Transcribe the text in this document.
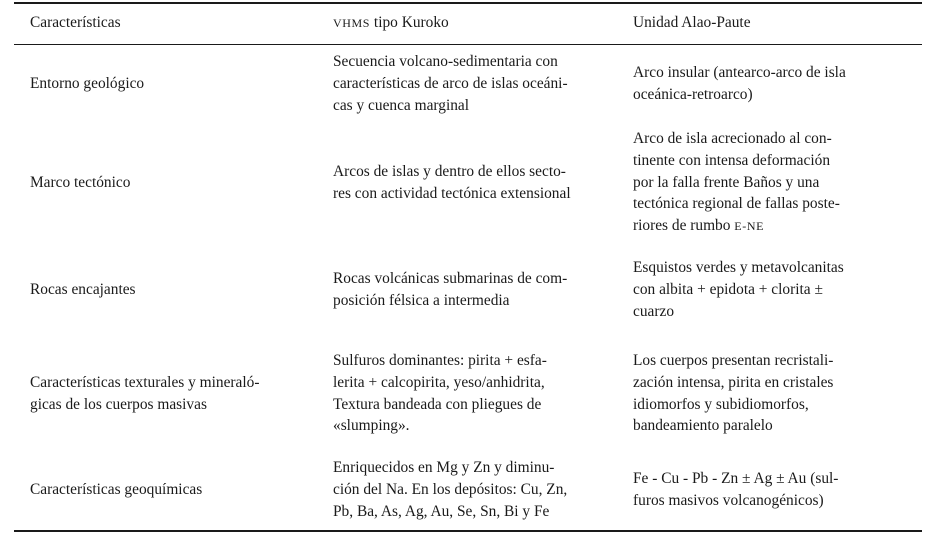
Características	VHMS tipo Kuroko	Unidad Alao-Paute
Entorno geológico
Secuencia volcano-sedimentaria con
características de arco de islas oceáni-
cas y cuenca marginal
Arco insular (antearco-arco de isla
oceánica-retroarco)
Marco tectónico
Arcos de islas y dentro de ellos secto-
res con actividad tectónica extensional
Arco de isla acrecionado al con-
tinente con intensa deformación
por la falla frente Baños y una
tectónica regional de fallas poste-
riores de rumbo E-NE
Rocas encajantes
Rocas volcánicas submarinas de com-
posición félsica a intermedia
Esquistos verdes y metavolcanitas
con albita + epidota + clorita ±
cuarzo
Características texturales y mineraló-
gicas de los cuerpos masivas
Sulfuros dominantes: pirita + esfa-
lerita + calcopirita, yeso/anhidrita,
Textura bandeada con pliegues de
«slumping».
Los cuerpos presentan recristali-
zación intensa, pirita en cristales
idiomorfos y subidiomorfos,
bandeamiento paralelo
Características geoquímicas
Enriquecidos en Mg y Zn y diminu-
ción del Na. En los depósitos: Cu, Zn,
Pb, Ba, As, Ag, Au, Se, Sn, Bi y Fe
Fe - Cu - Pb - Zn ± Ag ± Au (sul-
furos masivos volcanogénicos)
